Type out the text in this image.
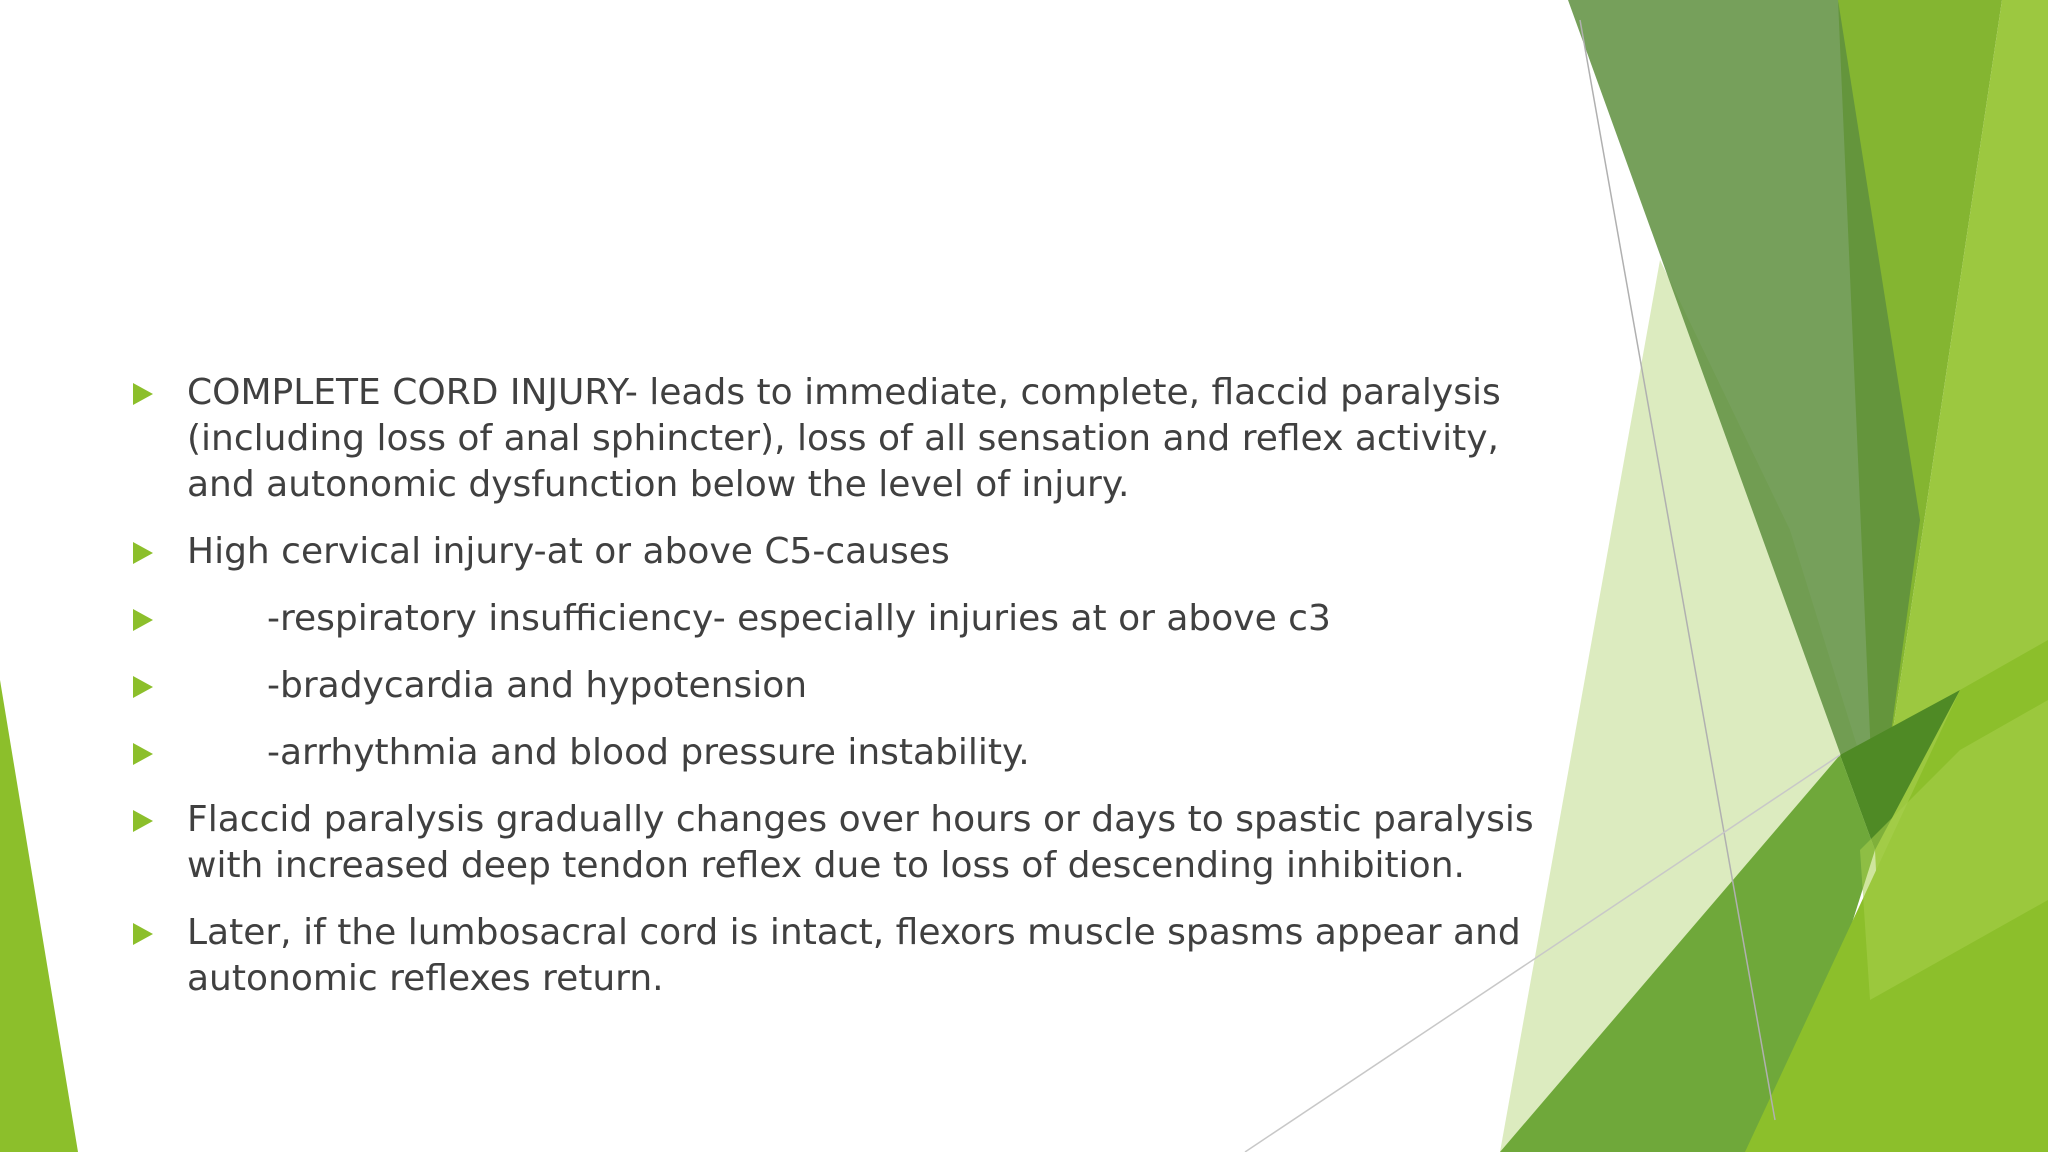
COMPLETE CORD INJURY- leads to immediate, complete, flaccid paralysis (including loss of anal sphincter), loss of all sensation and reflex activity, and autonomic dysfunction below the level of injury.
High cervical injury-at or above C5-causes
-respiratory insufficiency- especially injuries at or above c3
-bradycardia and hypotension
-arrhythmia and blood pressure instability.
Flaccid paralysis gradually changes over hours or days to spastic paralysis with increased deep tendon reflex due to loss of descending inhibition.
Later, if the lumbosacral cord is intact, flexors muscle spasms appear and autonomic reflexes return.
